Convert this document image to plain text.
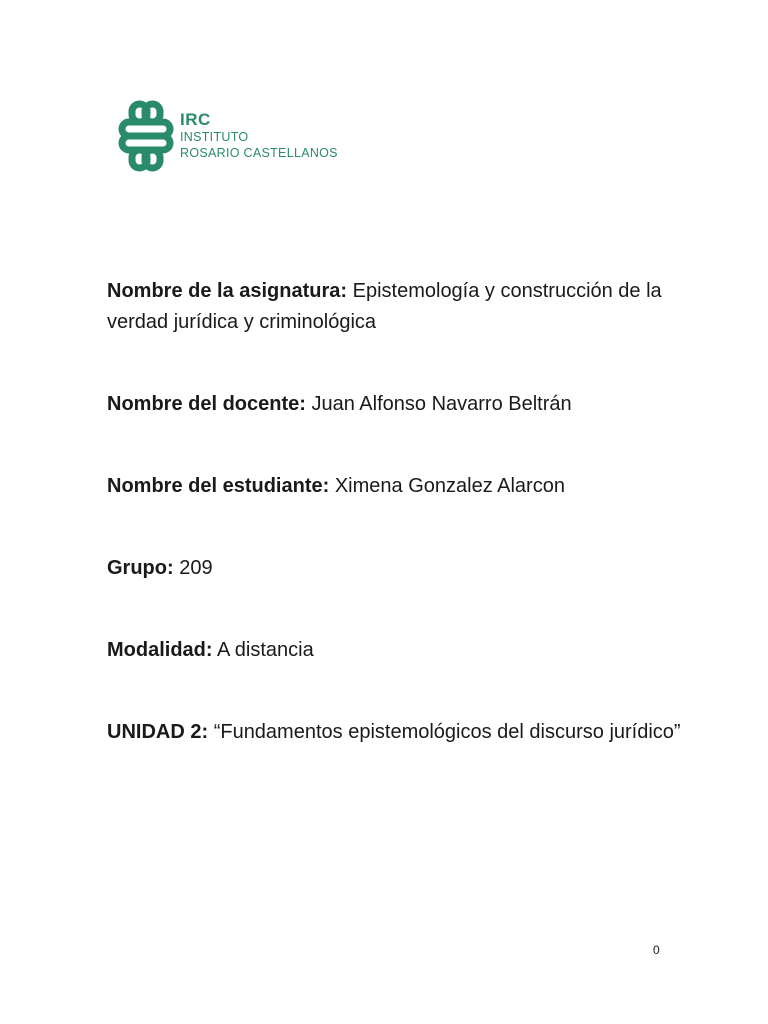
IRC
INSTITUTO
ROSARIO CASTELLANOS

Nombre de la asignatura: Epistemología y construcción de la verdad jurídica y criminológica

Nombre del docente: Juan Alfonso Navarro Beltrán

Nombre del estudiante: Ximena Gonzalez Alarcon

Grupo: 209

Modalidad: A distancia

UNIDAD 2: “Fundamentos epistemológicos del discurso jurídico”

0
